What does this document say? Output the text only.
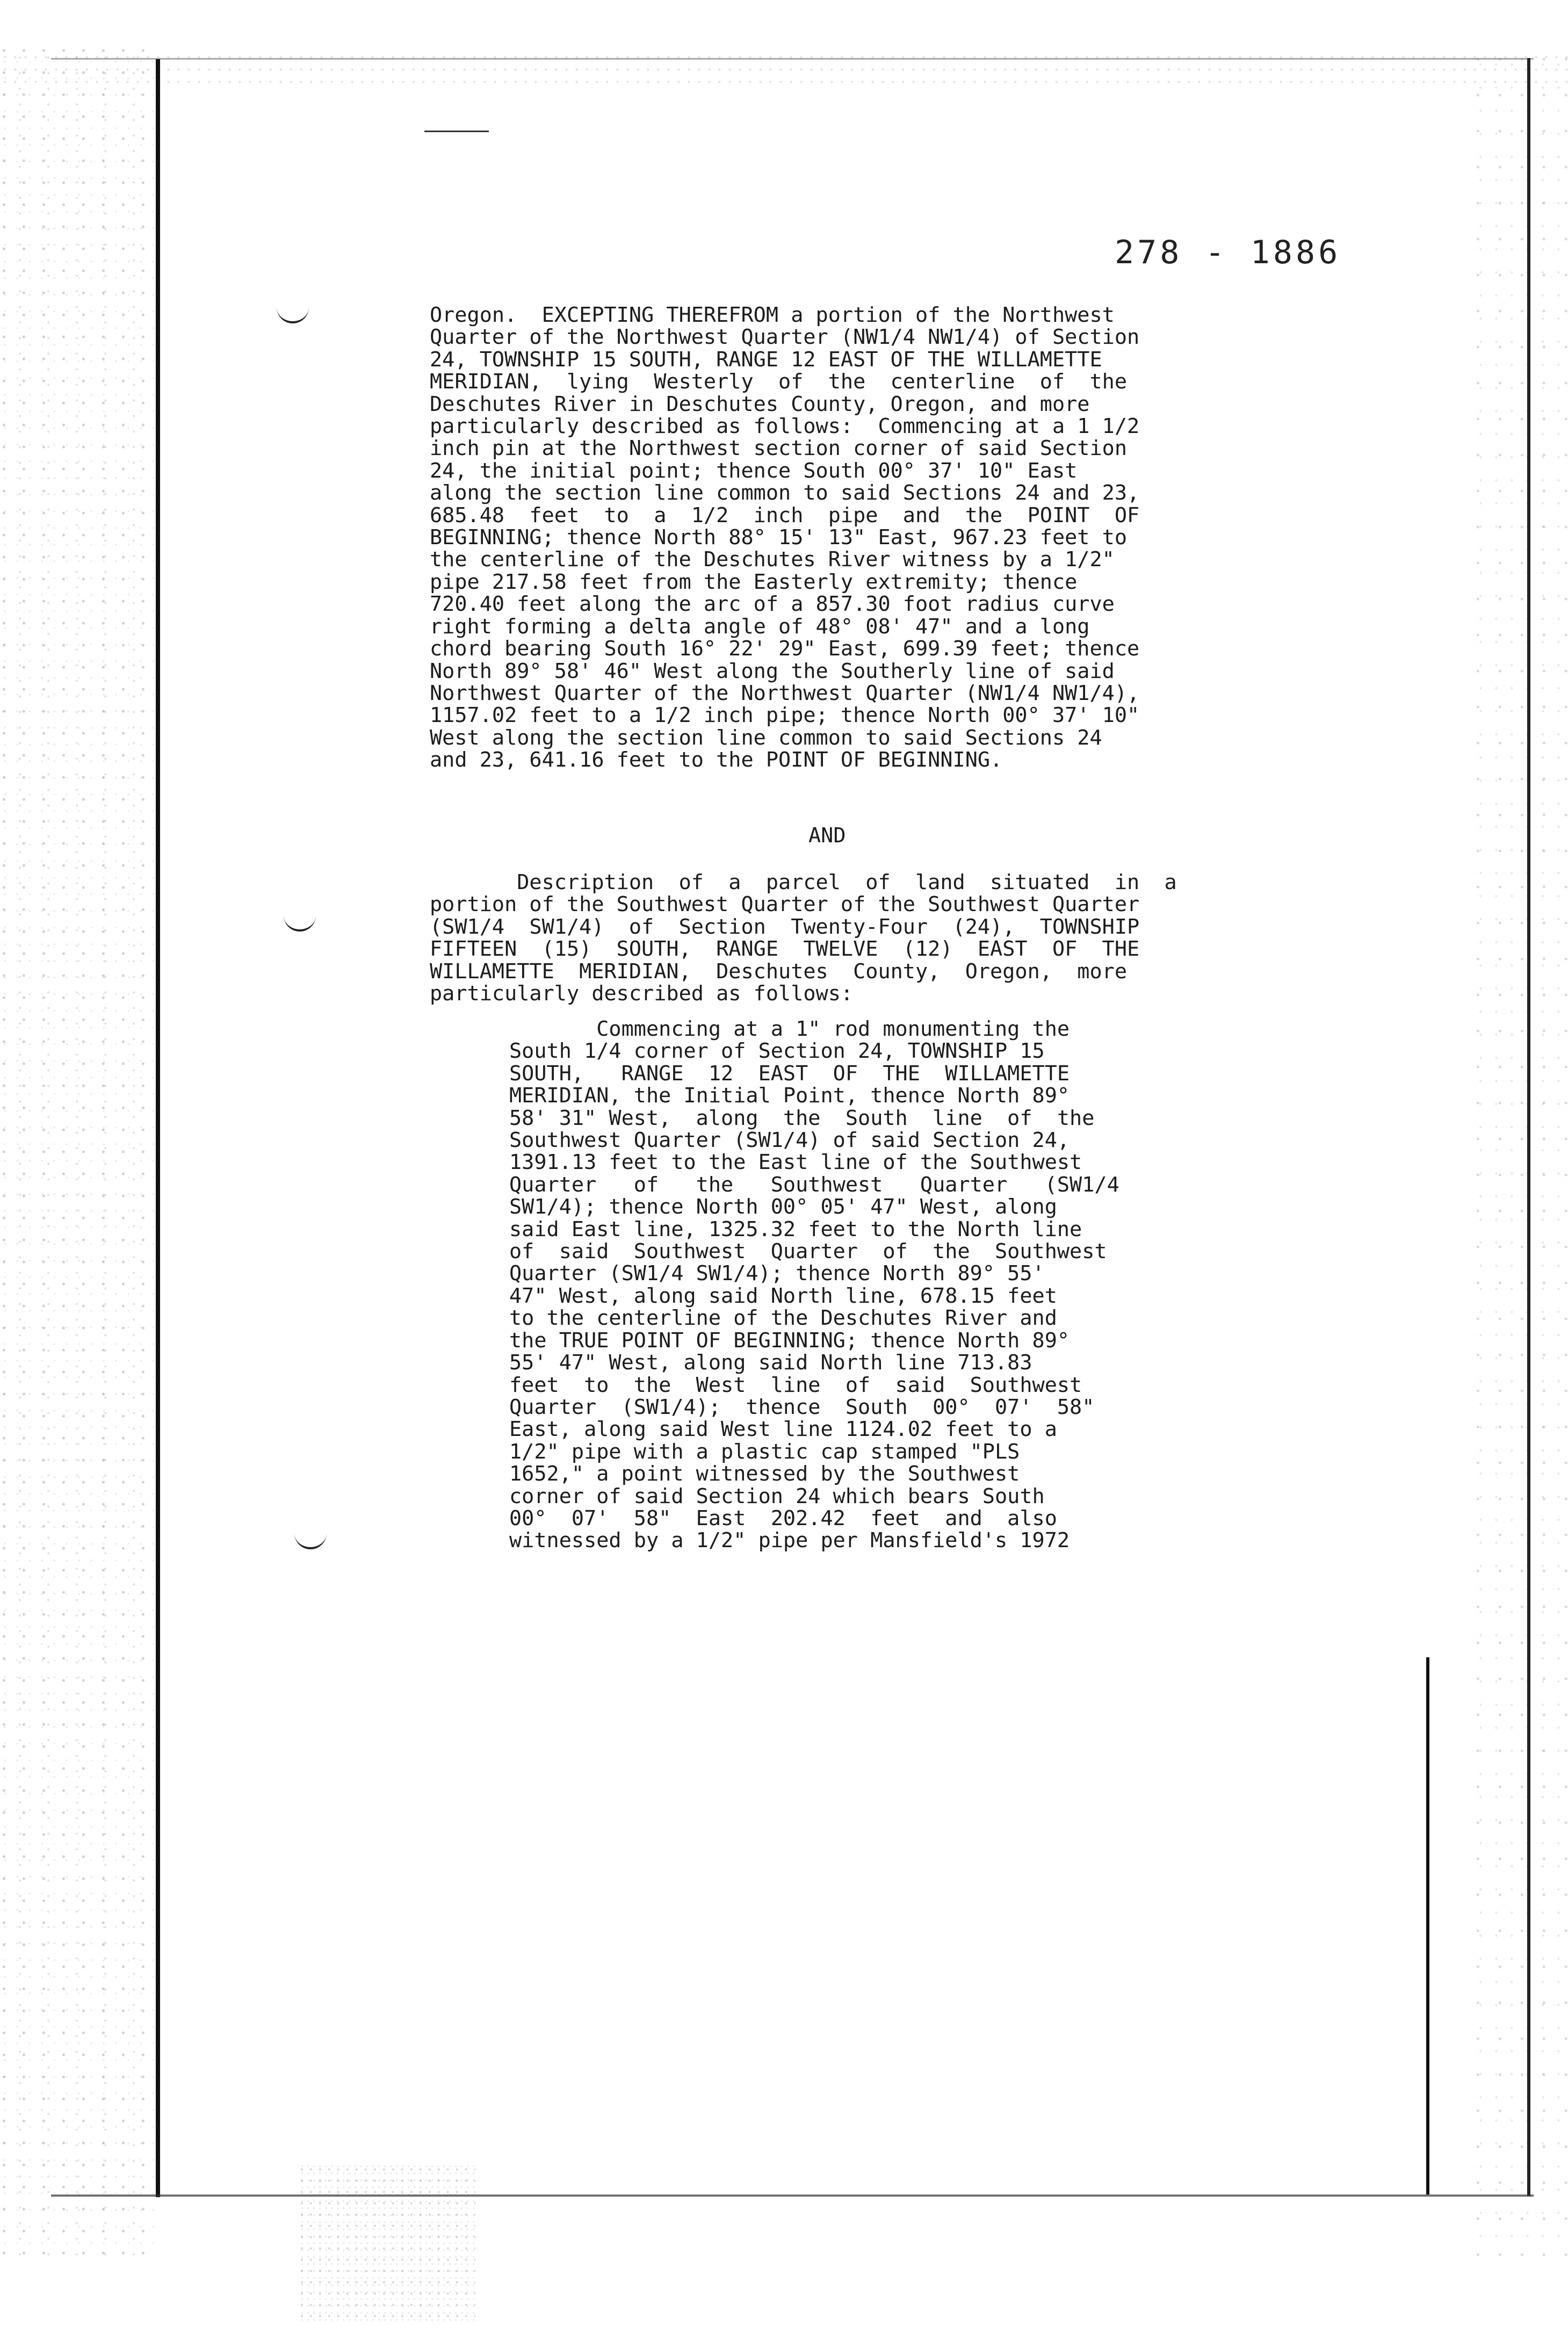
278 - 1886
Oregon.  EXCEPTING THEREFROM a portion of the Northwest
Quarter of the Northwest Quarter (NW1/4 NW1/4) of Section
24, TOWNSHIP 15 SOUTH, RANGE 12 EAST OF THE WILLAMETTE
MERIDIAN,  lying  Westerly  of  the  centerline  of  the
Deschutes River in Deschutes County, Oregon, and more
particularly described as follows:  Commencing at a 1 1/2
inch pin at the Northwest section corner of said Section
24, the initial point; thence South 00° 37' 10" East
along the section line common to said Sections 24 and 23,
685.48  feet  to  a  1/2  inch  pipe  and  the  POINT  OF
BEGINNING; thence North 88° 15' 13" East, 967.23 feet to
the centerline of the Deschutes River witness by a 1/2"
pipe 217.58 feet from the Easterly extremity; thence
720.40 feet along the arc of a 857.30 foot radius curve
right forming a delta angle of 48° 08' 47" and a long
chord bearing South 16° 22' 29" East, 699.39 feet; thence
North 89° 58' 46" West along the Southerly line of said
Northwest Quarter of the Northwest Quarter (NW1/4 NW1/4),
1157.02 feet to a 1/2 inch pipe; thence North 00° 37' 10"
West along the section line common to said Sections 24
and 23, 641.16 feet to the POINT OF BEGINNING.
AND
Description  of  a  parcel  of  land  situated  in  a
portion of the Southwest Quarter of the Southwest Quarter
(SW1/4  SW1/4)  of  Section  Twenty-Four  (24),  TOWNSHIP
FIFTEEN  (15)  SOUTH,  RANGE  TWELVE  (12)  EAST  OF  THE
WILLAMETTE  MERIDIAN,  Deschutes  County,  Oregon,  more
particularly described as follows:
Commencing at a 1" rod monumenting the
South 1/4 corner of Section 24, TOWNSHIP 15
SOUTH,   RANGE  12  EAST  OF  THE  WILLAMETTE
MERIDIAN, the Initial Point, thence North 89°
58' 31" West,  along  the  South  line  of  the
Southwest Quarter (SW1/4) of said Section 24,
1391.13 feet to the East line of the Southwest
Quarter   of   the   Southwest   Quarter   (SW1/4
SW1/4); thence North 00° 05' 47" West, along
said East line, 1325.32 feet to the North line
of  said  Southwest  Quarter  of  the  Southwest
Quarter (SW1/4 SW1/4); thence North 89° 55'
47" West, along said North line, 678.15 feet
to the centerline of the Deschutes River and
the TRUE POINT OF BEGINNING; thence North 89°
55' 47" West, along said North line 713.83
feet  to  the  West  line  of  said  Southwest
Quarter  (SW1/4);  thence  South  00°  07'  58"
East, along said West line 1124.02 feet to a
1/2" pipe with a plastic cap stamped "PLS
1652," a point witnessed by the Southwest
corner of said Section 24 which bears South
00°  07'  58"  East  202.42  feet  and  also
witnessed by a 1/2" pipe per Mansfield's 1972
